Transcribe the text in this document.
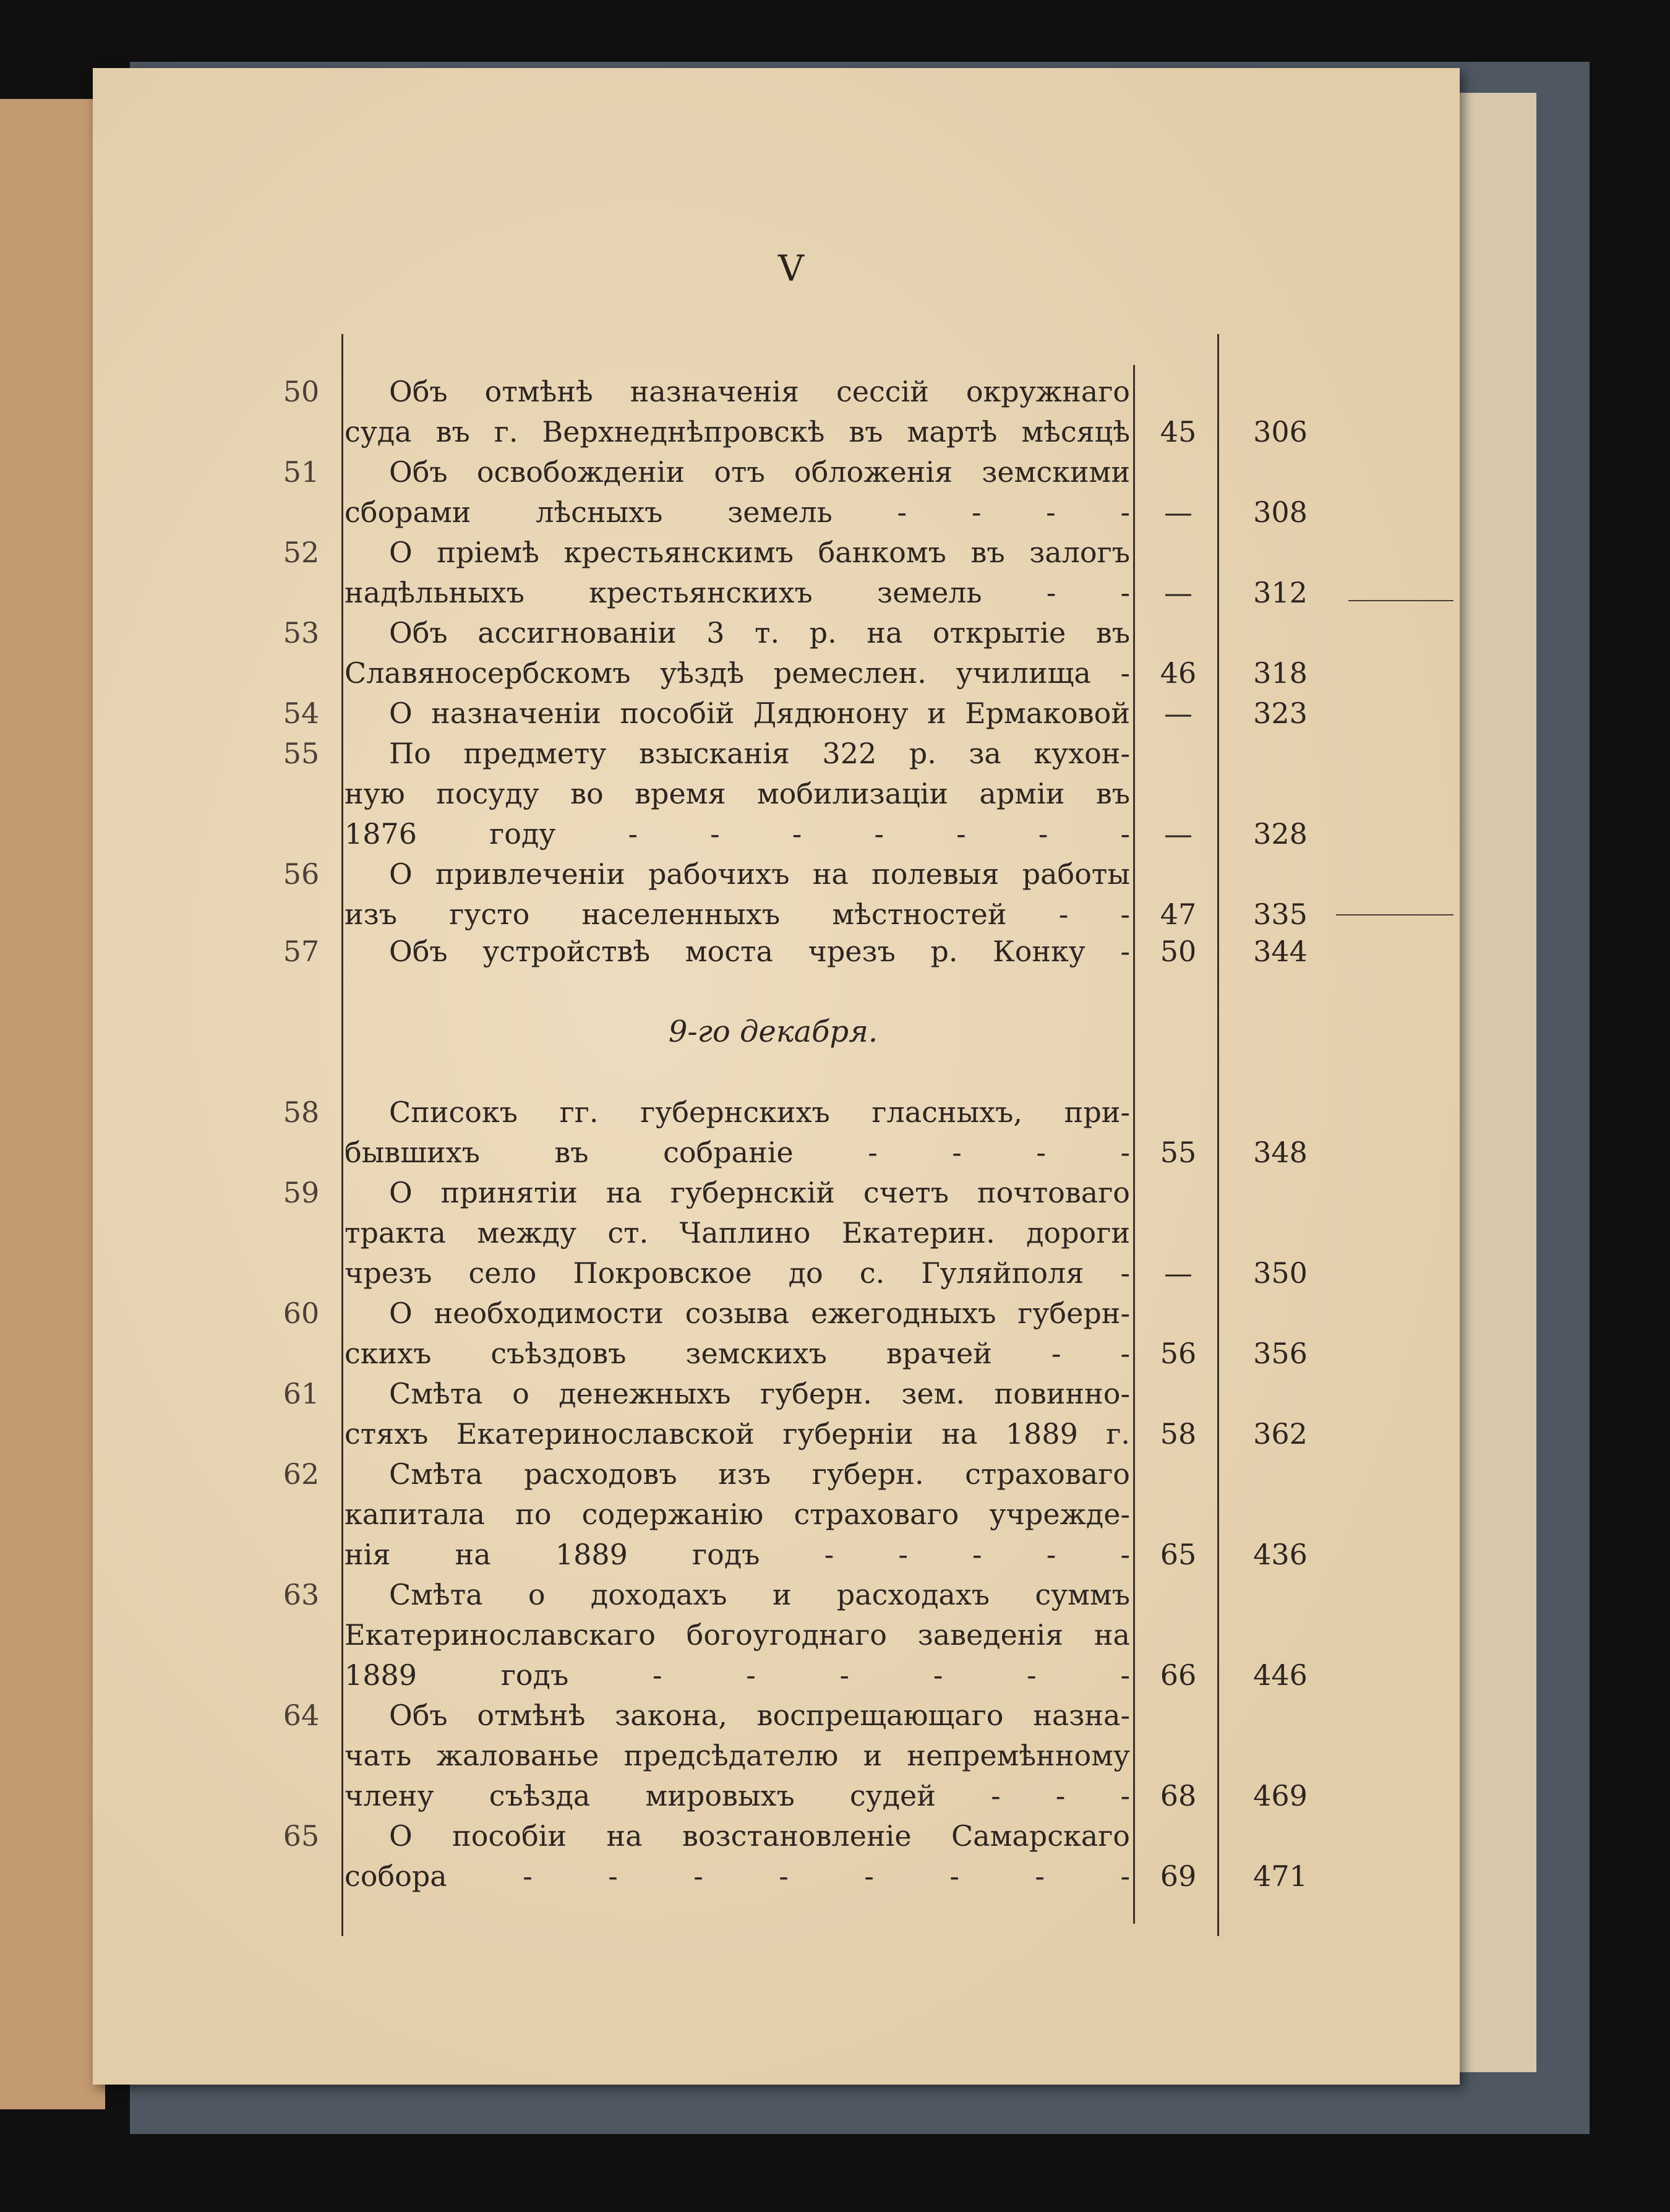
V
9-го декабря.
50	Объ отмѣнѣ назначенія сессій окружнаго
суда въ г. Верхнеднѣпровскѣ въ мартѣ мѣсяцѣ	45	306
51	Объ освобожденіи отъ обложенія земскими
сборами лѣсныхъ земель - - - -	—	308
52	О пріемѣ крестьянскимъ банкомъ въ залогъ
надѣльныхъ крестьянскихъ земель - -	—	312
53	Объ ассигнованіи 3 т. р. на открытіе въ
Славяносербскомъ уѣздѣ ремеслен. училища -	46	318
54	О назначеніи пособій Дядюнону и Ермаковой	—	323
55	По предмету взысканія 322 р. за кухон-
ную посуду во время мобилизаціи арміи въ
1876 году - - - - - - -	—	328
56	О привлеченіи рабочихъ на полевыя работы
изъ густо населенныхъ мѣстностей - -	47	335
57	Объ устройствѣ моста чрезъ р. Конку -	50	344
58	Списокъ гг. губернскихъ гласныхъ, при-
бывшихъ въ собраніе - - - -	55	348
59	О принятіи на губернскій счетъ почтоваго
тракта между ст. Чаплино Екатерин. дороги
чрезъ село Покровское до с. Гуляйполя -	—	350
60	О необходимости созыва ежегодныхъ губерн-
скихъ съѣздовъ земскихъ врачей - -	56	356
61	Смѣта о денежныхъ губерн. зем. повинно-
стяхъ Екатеринославской губерніи на 1889 г.	58	362
62	Смѣта расходовъ изъ губерн. страховаго
капитала по содержанію страховаго учрежде-
нія на 1889 годъ - - - - -	65	436
63	Смѣта о доходахъ и расходахъ суммъ
Екатеринославскаго богоугоднаго заведенія на
1889 годъ - - - - - -	66	446
64	Объ отмѣнѣ закона, воспрещающаго назна-
чать жалованье предсѣдателю и непремѣнному
члену съѣзда мировыхъ судей - - -	68	469
65	О пособіи на возстановленіе Самарскаго
собора - - - - - - - -	69	471
